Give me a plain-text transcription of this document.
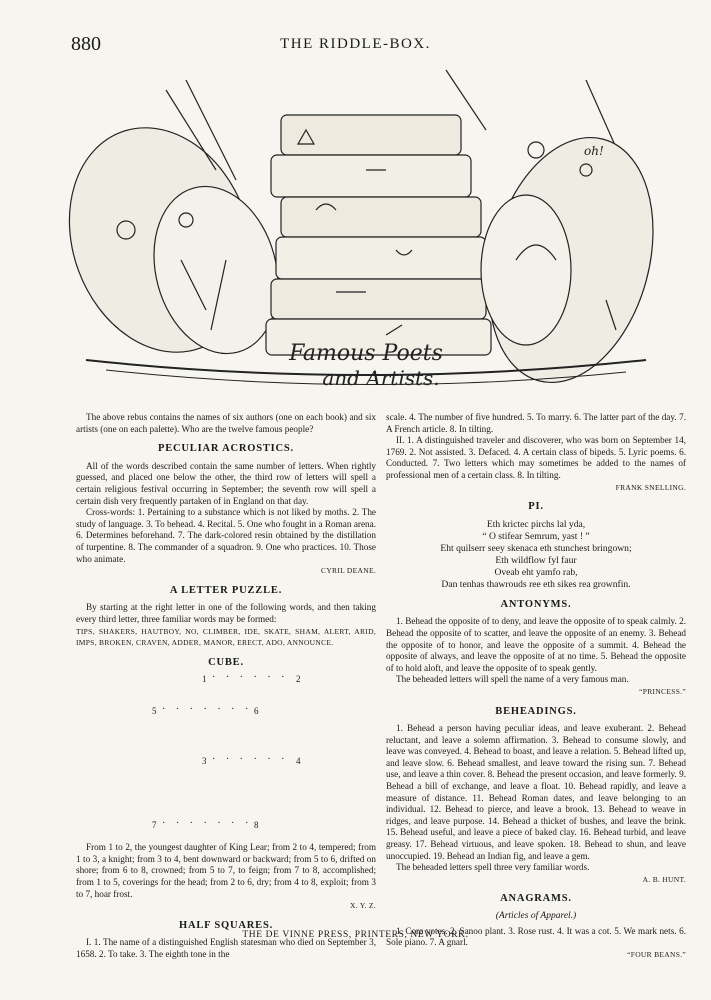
880	THE RIDDLE-BOX.
Famous Poets
and Artists.
oh!

The above rebus contains the names of six authors (one on each book) and six artists (one on each palette). Who are the twelve famous people?

PECULIAR ACROSTICS.

All of the words described contain the same number of letters. When rightly guessed, and placed one below the other, the third row of letters will spell a certain religious festival occurring in September; the seventh row will spell a certain dish very frequently partaken of in England on that day.

Cross-words: 1. Pertaining to a substance which is not liked by moths. 2. The study of language. 3. To behead. 4. Recital. 5. One who fought in a Roman arena. 6. Determines beforehand. 7. The dark-colored resin obtained by the distillation of turpentine. 8. The commander of a squadron. 9. One who practices. 10. Those who animate.

CYRIL DEANE.
A LETTER PUZZLE.

By starting at the right letter in one of the following words, and then taking every third letter, three familiar words may be formed:

TIPS, SHAKERS, HAUTBOY, NO, CLIMBER, IDE, SKATE, SHAM, ALERT, ARID, IMPS, BROKEN, CRAVEN, ADDER, MANOR, ERECT, ADO, ANNOUNCE.

CUBE.
1 · · · · · · 2
5 · · · · · · · 6
3 · · · · · · 4
7 · · · · · · · 8

From 1 to 2, the youngest daughter of King Lear; from 2 to 4, tempered; from 1 to 3, a knight; from 3 to 4, bent downward or backward; from 5 to 6, drifted on shore; from 6 to 8, crowned; from 5 to 7, to feign; from 7 to 8, accomplished; from 1 to 5, coverings for the head; from 2 to 6, dry; from 4 to 8, exploit; from 3 to 7, hoar frost.

X. Y. Z.
HALF SQUARES.

I. 1. The name of a distinguished English statesman who died on September 3, 1658. 2. To take. 3. The eighth tone in the

scale. 4. The number of five hundred. 5. To marry. 6. The latter part of the day. 7. A French article. 8. In tilting.

II. 1. A distinguished traveler and discoverer, who was born on September 14, 1769. 2. Not assisted. 3. Defaced. 4. A certain class of bipeds. 5. Lyric poems. 6. Conducted. 7. Two letters which may sometimes be added to the names of professional men of a certain class. 8. In tilting.

FRANK SNELLING.
PI.
Eth krictec pirchs lal yda,
“ O stifear Semrum, yast ! ”
Eht quilserr seey skenaca eth stunchest bringown;
Eth wildflow fyl faur
Oveab eht yamfo rab,
Dan tenhas thawrouds ree eth sikes rea grownfin.
ANTONYMS.

1. Behead the opposite of to deny, and leave the opposite of to speak calmly. 2. Behead the opposite of to scatter, and leave the opposite of an enemy. 3. Behead the opposite of to honor, and leave the opposite of a summit. 4. Behead the opposite of always, and leave the opposite of at no time. 5. Behead the opposite of to hold aloft, and leave the opposite of to speak gently.

The beheaded letters will spell the name of a very famous man.

“PRINCESS.”
BEHEADINGS.

1. Behead a person having peculiar ideas, and leave exuberant. 2. Behead reluctant, and leave a solemn affirmation. 3. Behead to consume slowly, and leave was conveyed. 4. Behead to boast, and leave a relation. 5. Behead lifted up, and leave slow. 6. Behead smallest, and leave toward the rising sun. 7. Behead use, and leave a thin cover. 8. Behead the present occasion, and leave formerly. 9. Behead a bill of exchange, and leave a float. 10. Behead rapidly, and leave a measure of distance. 11. Behead Roman dates, and leave belonging to an individual. 12. Behead to pierce, and leave a brook. 13. Behead to weave in ridges, and leave purpose. 14. Behead a thicket of bushes, and leave the brink. 15. Behead useful, and leave a piece of baked clay. 16. Behead turbid, and leave greasy. 17. Behead virtuous, and leave spoken. 18. Behead to shun, and leave unoccupied. 19. Behead an Indian fig, and leave a gem.

The beheaded letters spell three very familiar words.

A. B. HUNT.
ANAGRAMS.
(Articles of Apparel.)

1. Cora votes. 2. Sanoo plant. 3. Rose rust. 4. It was a cot. 5. We mark nets. 6. Sole piano. 7. A gnarl.

“FOUR BEANS.”
THE DE VINNE PRESS, PRINTERS, NEW YORK.
